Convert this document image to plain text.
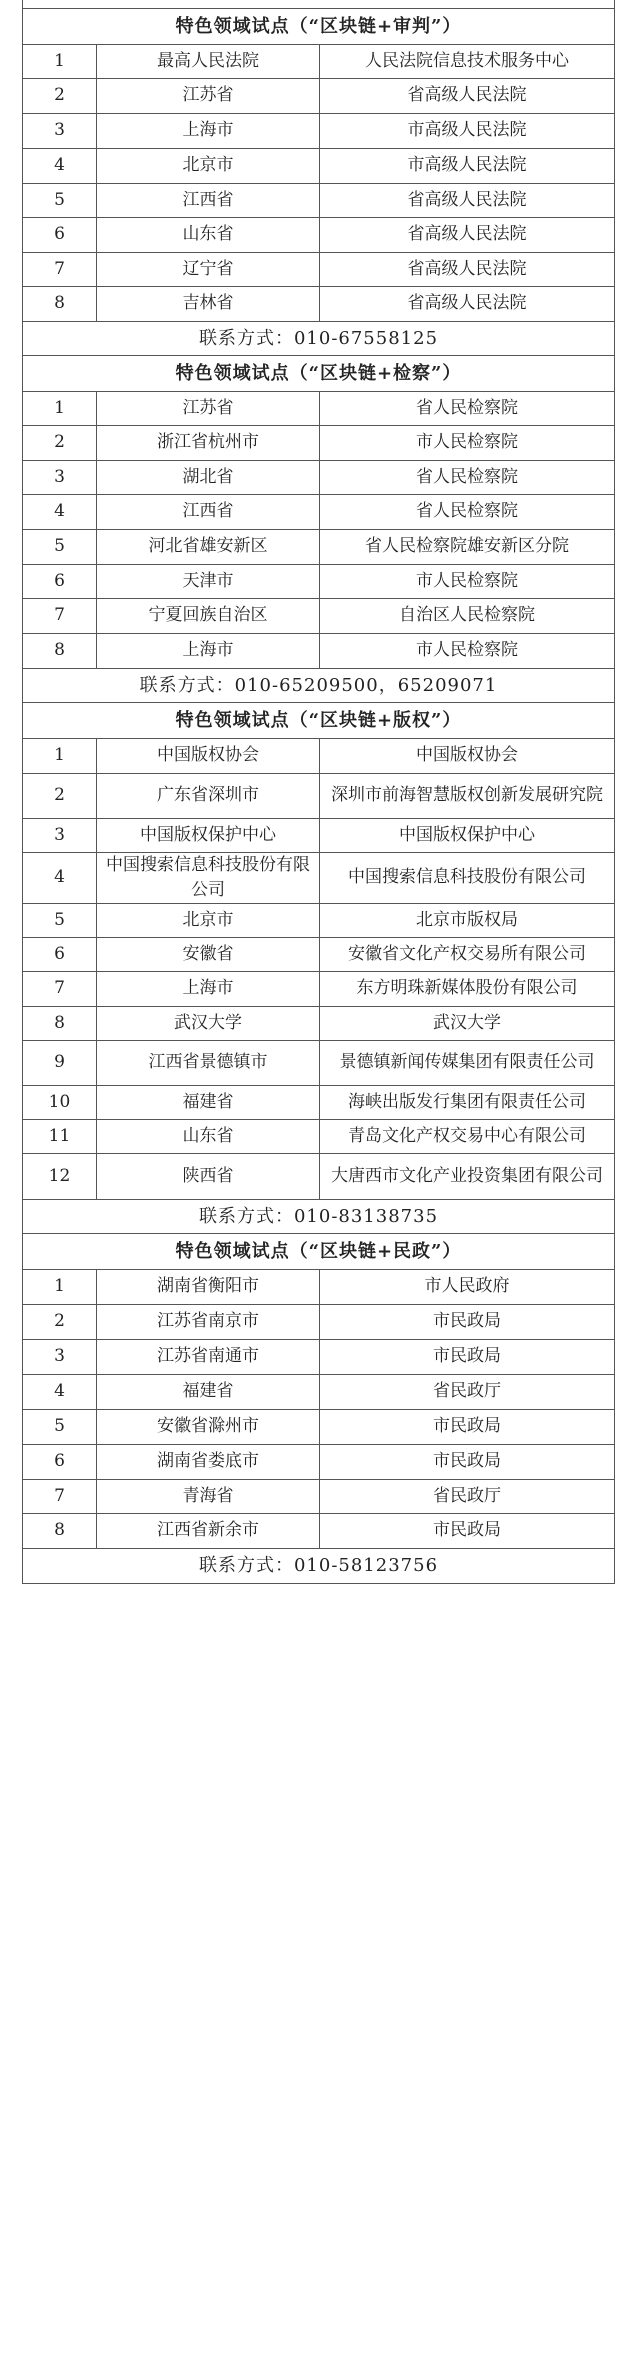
特色领域试点（“区块链+审判”）		
1	最高人民法院	人民法院信息技术服务中心
2	江苏省	省高级人民法院
3	上海市	市高级人民法院
4	北京市	市高级人民法院
5	江西省	省高级人民法院
6	山东省	省高级人民法院
7	辽宁省	省高级人民法院
8	吉林省	省高级人民法院
联系方式：010-67558125		
特色领域试点（“区块链+检察”）		
1	江苏省	省人民检察院
2	浙江省杭州市	市人民检察院
3	湖北省	省人民检察院
4	江西省	省人民检察院
5	河北省雄安新区	省人民检察院雄安新区分院
6	天津市	市人民检察院
7	宁夏回族自治区	自治区人民检察院
8	上海市	市人民检察院
联系方式：010-65209500，65209071		
特色领域试点（“区块链+版权”）		
1	中国版权协会	中国版权协会
2	广东省深圳市	深圳市前海智慧版权创新发展研究院
3	中国版权保护中心	中国版权保护中心
4	中国搜索信息科技股份有限公司	中国搜索信息科技股份有限公司
5	北京市	北京市版权局
6	安徽省	安徽省文化产权交易所有限公司
7	上海市	东方明珠新媒体股份有限公司
8	武汉大学	武汉大学
9	江西省景德镇市	景德镇新闻传媒集团有限责任公司
10	福建省	海峡出版发行集团有限责任公司
11	山东省	青岛文化产权交易中心有限公司
12	陕西省	大唐西市文化产业投资集团有限公司
联系方式：010-83138735		
特色领域试点（“区块链+民政”）		
1	湖南省衡阳市	市人民政府
2	江苏省南京市	市民政局
3	江苏省南通市	市民政局
4	福建省	省民政厅
5	安徽省滁州市	市民政局
6	湖南省娄底市	市民政局
7	青海省	省民政厅
8	江西省新余市	市民政局
联系方式：010-58123756		
